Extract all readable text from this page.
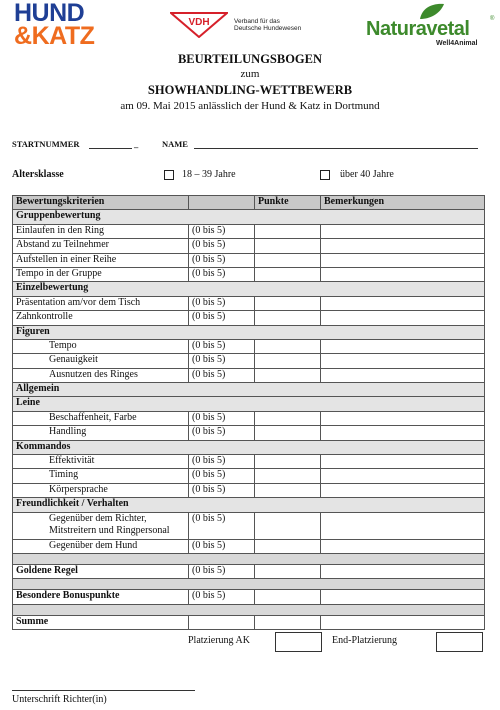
HUND
&KATZ	VDH	Verband für das
Deutsche Hundewesen	Naturavetal	®
Well4Animal

BEURTEILUNGSBOGEN

zum

SHOWHANDLING-WETTBEWERB

am 09. Mai 2015 anlässlich der Hund & Katz in Dortmund

STARTNUMMER	_	NAME
Altersklasse	18 – 39 Jahre	über 40 Jahre
Bewertungskriterien		Punkte	Bemerkungen
Gruppenbewertung			
Einlaufen in den Ring	(0 bis 5)		
Abstand zu Teilnehmer	(0 bis 5)		
Aufstellen in einer Reihe	(0 bis 5)		
Tempo in der Gruppe	(0 bis 5)		
Einzelbewertung			
Präsentation am/vor dem Tisch	(0 bis 5)		
Zahnkontrolle	(0 bis 5)		
Figuren			
Tempo	(0 bis 5)		
Genauigkeit	(0 bis 5)		
Ausnutzen des Ringes	(0 bis 5)		
Allgemein			
Leine			
Beschaffenheit, Farbe	(0 bis 5)		
Handling	(0 bis 5)		
Kommandos			
Effektivität	(0 bis 5)		
Timing	(0 bis 5)		
Körpersprache	(0 bis 5)		
Freundlichkeit / Verhalten			

Gegenüber dem Richter,
Mitstreitern und Ringpersonal	(0 bis 5)		
Gegenüber dem Hund	(0 bis 5)		

Goldene Regel	(0 bis 5)		

Besondere Bonuspunkte	(0 bis 5)		

Summe			
Platzierung AK	End-Platzierung
Unterschrift Richter(in)
